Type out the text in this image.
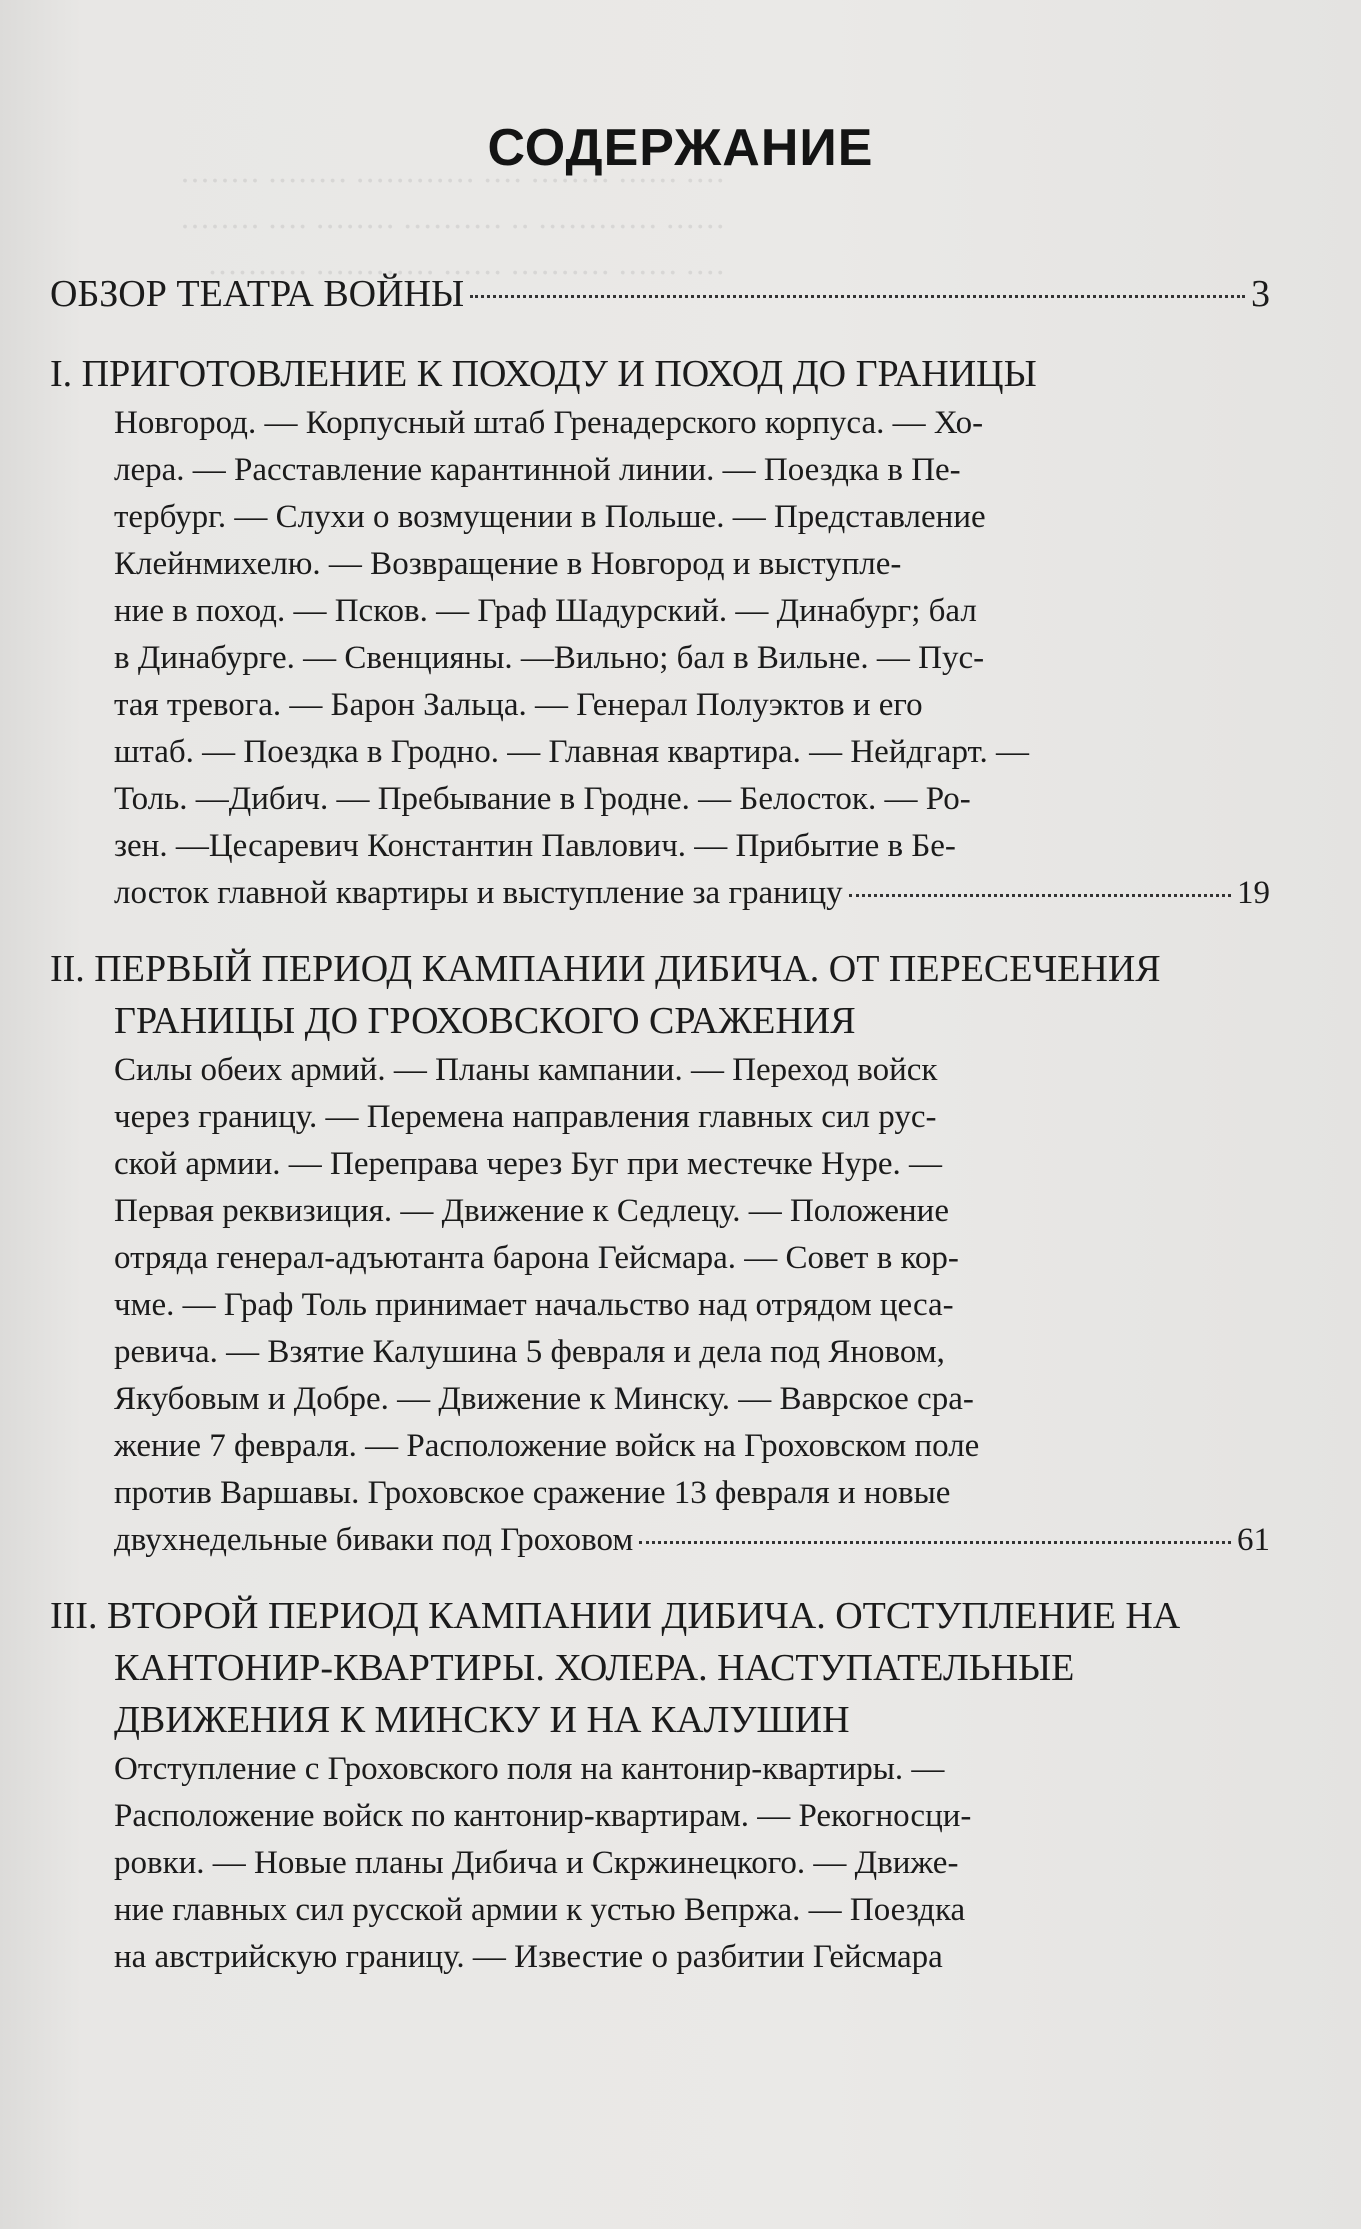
‥‥ ‥‥‥ ‥‥‥‥ ‥‥ ‥‥‥‥‥‥ ‥‥‥‥ ‥‥‥‥
‥‥‥ ‥‥‥‥‥‥ ‥ ‥‥‥‥‥ ‥‥‥‥ ‥‥ ‥‥‥‥
‥‥ ‥‥‥ ‥‥‥‥‥ ‥‥‥ ‥‥‥‥‥‥ ‥‥‥‥‥
СОДЕРЖАНИЕ
ОБЗОР ТЕАТРА ВОЙНЫ	3
I. ПРИГОТОВЛЕНИЕ К ПОХОДУ И ПОХОД ДО ГРАНИЦЫ
Новгород. — Корпусный штаб Гренадерского корпуса. — Хо-
лера. — Расставление карантинной линии. — Поездка в Пе-
тербург. — Слухи о возмущении в Польше. — Представление
Клейнмихелю. — Возвращение в Новгород и выступле-
ние в поход. — Псков. — Граф Шадурский. — Динабург; бал
в Динабурге. — Свенцияны. —Вильно; бал в Вильне. — Пус-
тая тревога. — Барон Зальца. — Генерал Полуэктов и его
штаб. — Поездка в Гродно. — Главная квартира. — Нейдгарт. —
Толь. —Дибич. — Пребывание в Гродне. — Белосток. — Ро-
зен. —Цесаревич Константин Павлович. — Прибытие в Бе-
лосток главной квартиры и выступление за границу	19
II. ПЕРВЫЙ ПЕРИОД КАМПАНИИ ДИБИЧА. ОТ ПЕРЕСЕЧЕНИЯ ГРАНИЦЫ ДО ГРОХОВСКОГО СРАЖЕНИЯ
Силы обеих армий. — Планы кампании. — Переход войск
через границу. — Перемена направления главных сил рус-
ской армии. — Переправа через Буг при местечке Нуре. —
Первая реквизиция. — Движение к Седлецу. — Положение
отряда генерал-адъютанта барона Гейсмара. — Совет в кор-
чме. — Граф Толь принимает начальство над отрядом цеса-
ревича. — Взятие Калушина 5 февраля и дела под Яновом,
Якубовым и Добре. — Движение к Минску. — Ваврское сра-
жение 7 февраля. — Расположение войск на Гроховском поле
против Варшавы. Гроховское сражение 13 февраля и новые
двухнедельные биваки под Гроховом	61
III. ВТОРОЙ ПЕРИОД КАМПАНИИ ДИБИЧА. ОТСТУПЛЕНИЕ НА КАНТОНИР-КВАРТИРЫ. ХОЛЕРА. НАСТУПАТЕЛЬНЫЕ ДВИЖЕНИЯ К МИНСКУ И НА КАЛУШИН
Отступление с Гроховского поля на кантонир-квартиры. —
Расположение войск по кантонир-квартирам. — Рекогносци-
ровки. — Новые планы Дибича и Скржинецкого. — Движе-
ние главных сил русской армии к устью Вепржа. — Поездка
на австрийскую границу. — Известие о разбитии Гейсмара
